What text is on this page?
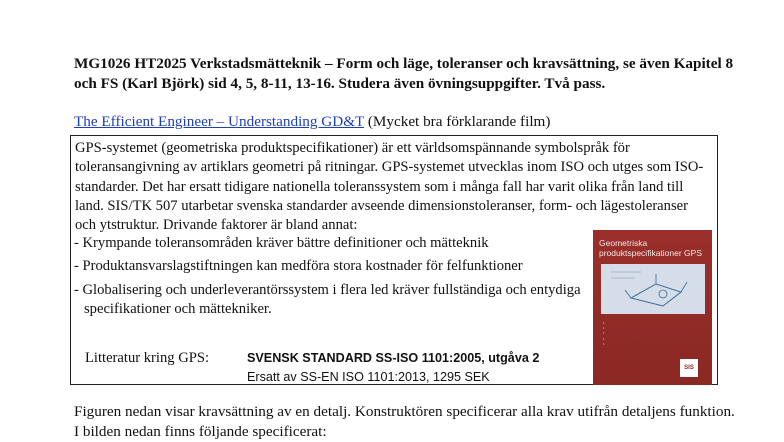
MG1026 HT2025 Verkstadsmätteknik – Form och läge, toleranser och kravsättning, se även Kapitel 8 och FS (Karl Björk) sid 4, 5, 8-11, 13-16. Studera även övningsuppgifter. Två pass.

The Efficient Engineer – Understanding GD&T (Mycket bra förklarande film)

GPS-systemet (geometriska produktspecifikationer) är ett världsomspännande symbolspråk för toleransangivning av artiklars geometri på ritningar. GPS-systemet utvecklas inom ISO och utges som ISO-standarder. Det har ersatt tidigare nationella toleranssystem som i många fall har varit olika från land till land. SIS/TK 507 utarbetar svenska standarder avseende dimensionstoleranser, form- och lägestoleranser och ytstruktur. Drivande faktorer är bland annat:

- Krympande toleransområden kräver bättre definitioner och mätteknik
- Produktansvarslagstiftningen kan medföra stora kostnader för felfunktioner
- Globalisering och underleverantörssystem i flera led kräver fullständiga och entydiga specifikationer och mättekniker.
Litteratur kring GPS:	SVENSK STANDARD SS-ISO 1101:2005, utgåva 2
Ersatt av SS-EN ISO 1101:2013, 1295 SEK
Geometriska produktspecifikationer GPS
•
•
•
•
•
SIS

Figuren nedan visar kravsättning av en detalj. Konstruktören specificerar alla krav utifrån detaljens funktion. I bilden nedan finns följande specificerat:
